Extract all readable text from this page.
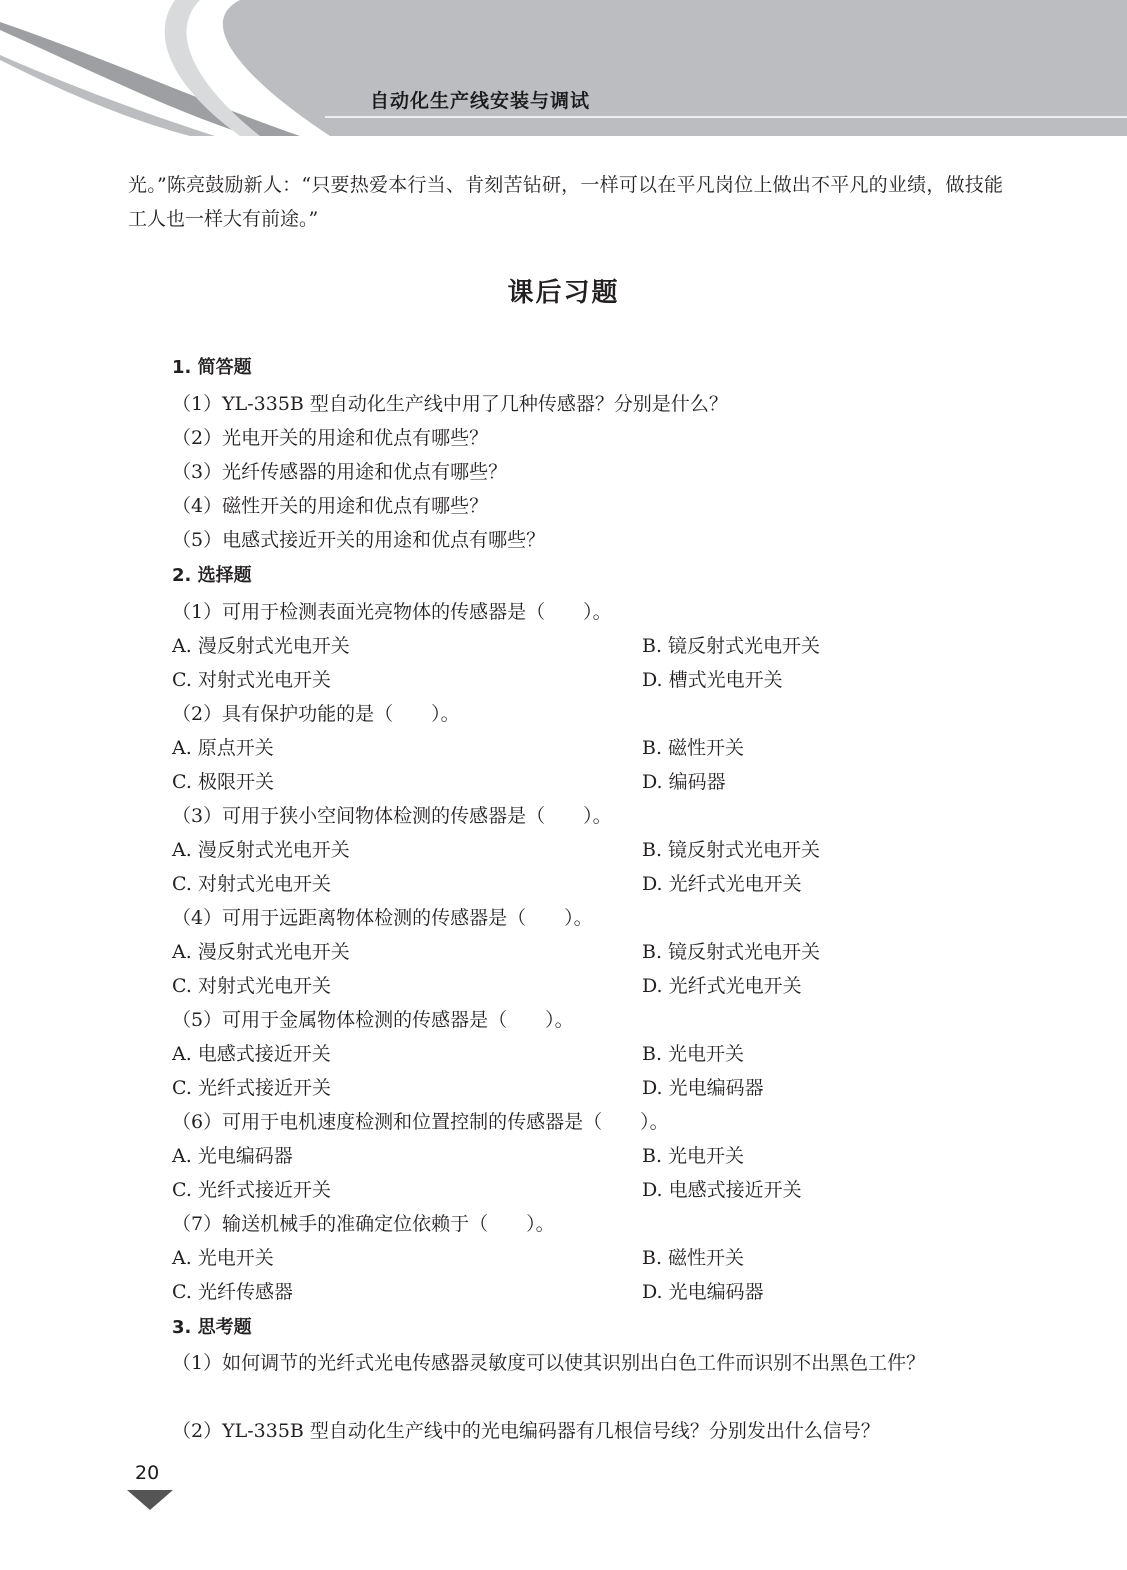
自动化生产线安装与调试

光。”陈亮鼓励新人：“只要热爱本行当、肯刻苦钻研，一样可以在平凡岗位上做出不平凡的业绩，做技能工人也一样大有前途。”

课后习题
1. 简答题
（1）YL-335B 型自动化生产线中用了几种传感器？分别是什么？
（2）光电开关的用途和优点有哪些？
（3）光纤传感器的用途和优点有哪些？
（4）磁性开关的用途和优点有哪些？
（5）电感式接近开关的用途和优点有哪些？
2. 选择题
（1）可用于检测表面光亮物体的传感器是（　　）。
A. 漫反射式光电开关	B. 镜反射式光电开关
C. 对射式光电开关	D. 槽式光电开关
（2）具有保护功能的是（　　）。
A. 原点开关	B. 磁性开关
C. 极限开关	D. 编码器
（3）可用于狭小空间物体检测的传感器是（　　）。
A. 漫反射式光电开关	B. 镜反射式光电开关
C. 对射式光电开关	D. 光纤式光电开关
（4）可用于远距离物体检测的传感器是（　　）。
A. 漫反射式光电开关	B. 镜反射式光电开关
C. 对射式光电开关	D. 光纤式光电开关
（5）可用于金属物体检测的传感器是（　　）。
A. 电感式接近开关	B. 光电开关
C. 光纤式接近开关	D. 光电编码器
（6）可用于电机速度检测和位置控制的传感器是（　　）。
A. 光电编码器	B. 光电开关
C. 光纤式接近开关	D. 电感式接近开关
（7）输送机械手的准确定位依赖于（　　）。
A. 光电开关	B. 磁性开关
C. 光纤传感器	D. 光电编码器
3. 思考题
（1）如何调节的光纤式光电传感器灵敏度可以使其识别出白色工件而识别不出黑色工件？
（2）YL-335B 型自动化生产线中的光电编码器有几根信号线？分别发出什么信号？
20
